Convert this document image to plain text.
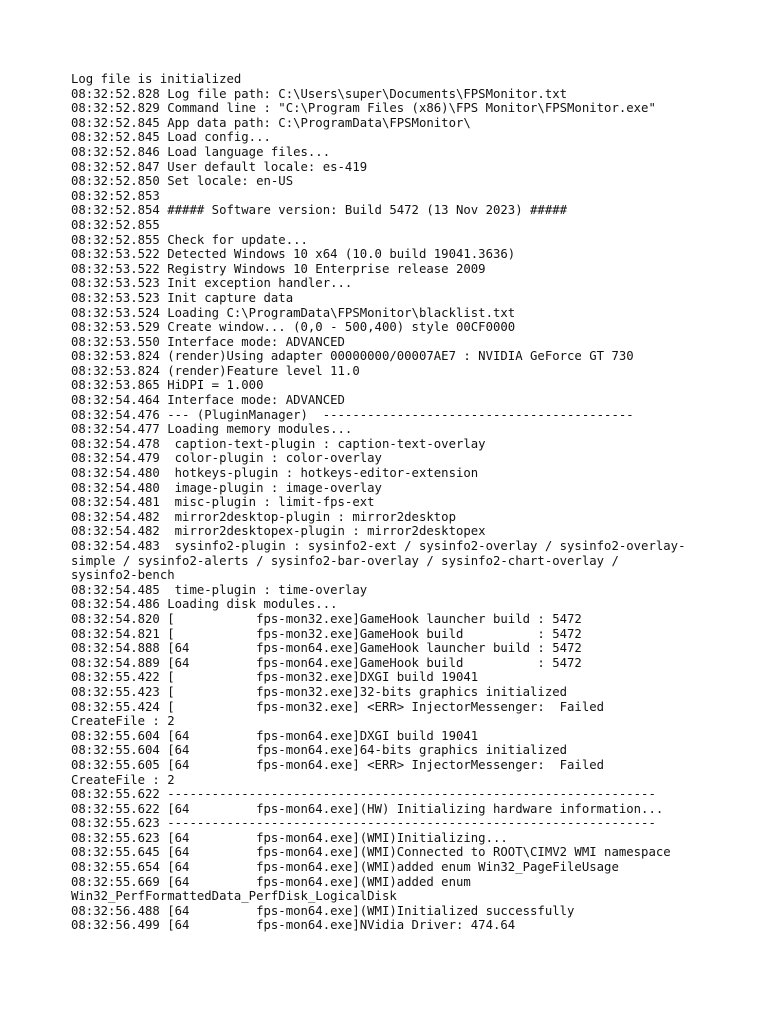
Log file is initialized
08:32:52.828 Log file path: C:\Users\super\Documents\FPSMonitor.txt
08:32:52.829 Command line : "C:\Program Files (x86)\FPS Monitor\FPSMonitor.exe"
08:32:52.845 App data path: C:\ProgramData\FPSMonitor\
08:32:52.845 Load config...
08:32:52.846 Load language files...
08:32:52.847 User default locale: es-419
08:32:52.850 Set locale: en-US
08:32:52.853
08:32:52.854 ##### Software version: Build 5472 (13 Nov 2023) #####
08:32:52.855
08:32:52.855 Check for update...
08:32:53.522 Detected Windows 10 x64 (10.0 build 19041.3636)
08:32:53.522 Registry Windows 10 Enterprise release 2009
08:32:53.523 Init exception handler...
08:32:53.523 Init capture data
08:32:53.524 Loading C:\ProgramData\FPSMonitor\blacklist.txt
08:32:53.529 Create window... (0,0 - 500,400) style 00CF0000
08:32:53.550 Interface mode: ADVANCED
08:32:53.824 (render)Using adapter 00000000/00007AE7 : NVIDIA GeForce GT 730
08:32:53.824 (render)Feature level 11.0
08:32:53.865 HiDPI = 1.000
08:32:54.464 Interface mode: ADVANCED
08:32:54.476 --- (PluginManager)  ------------------------------------------
08:32:54.477 Loading memory modules...
08:32:54.478  caption-text-plugin : caption-text-overlay
08:32:54.479  color-plugin : color-overlay
08:32:54.480  hotkeys-plugin : hotkeys-editor-extension
08:32:54.480  image-plugin : image-overlay
08:32:54.481  misc-plugin : limit-fps-ext
08:32:54.482  mirror2desktop-plugin : mirror2desktop
08:32:54.482  mirror2desktopex-plugin : mirror2desktopex
08:32:54.483  sysinfo2-plugin : sysinfo2-ext / sysinfo2-overlay / sysinfo2-overlay-
simple / sysinfo2-alerts / sysinfo2-bar-overlay / sysinfo2-chart-overlay /
sysinfo2-bench
08:32:54.485  time-plugin : time-overlay
08:32:54.486 Loading disk modules...
08:32:54.820 [           fps-mon32.exe]GameHook launcher build : 5472
08:32:54.821 [           fps-mon32.exe]GameHook build          : 5472
08:32:54.888 [64         fps-mon64.exe]GameHook launcher build : 5472
08:32:54.889 [64         fps-mon64.exe]GameHook build          : 5472
08:32:55.422 [           fps-mon32.exe]DXGI build 19041
08:32:55.423 [           fps-mon32.exe]32-bits graphics initialized
08:32:55.424 [           fps-mon32.exe] <ERR> InjectorMessenger:  Failed
CreateFile : 2
08:32:55.604 [64         fps-mon64.exe]DXGI build 19041
08:32:55.604 [64         fps-mon64.exe]64-bits graphics initialized
08:32:55.605 [64         fps-mon64.exe] <ERR> InjectorMessenger:  Failed
CreateFile : 2
08:32:55.622 ------------------------------------------------------------------
08:32:55.622 [64         fps-mon64.exe](HW) Initializing hardware information...
08:32:55.623 ------------------------------------------------------------------
08:32:55.623 [64         fps-mon64.exe](WMI)Initializing...
08:32:55.645 [64         fps-mon64.exe](WMI)Connected to ROOT\CIMV2 WMI namespace
08:32:55.654 [64         fps-mon64.exe](WMI)added enum Win32_PageFileUsage
08:32:55.669 [64         fps-mon64.exe](WMI)added enum
Win32_PerfFormattedData_PerfDisk_LogicalDisk
08:32:56.488 [64         fps-mon64.exe](WMI)Initialized successfully
08:32:56.499 [64         fps-mon64.exe]NVidia Driver: 474.64
